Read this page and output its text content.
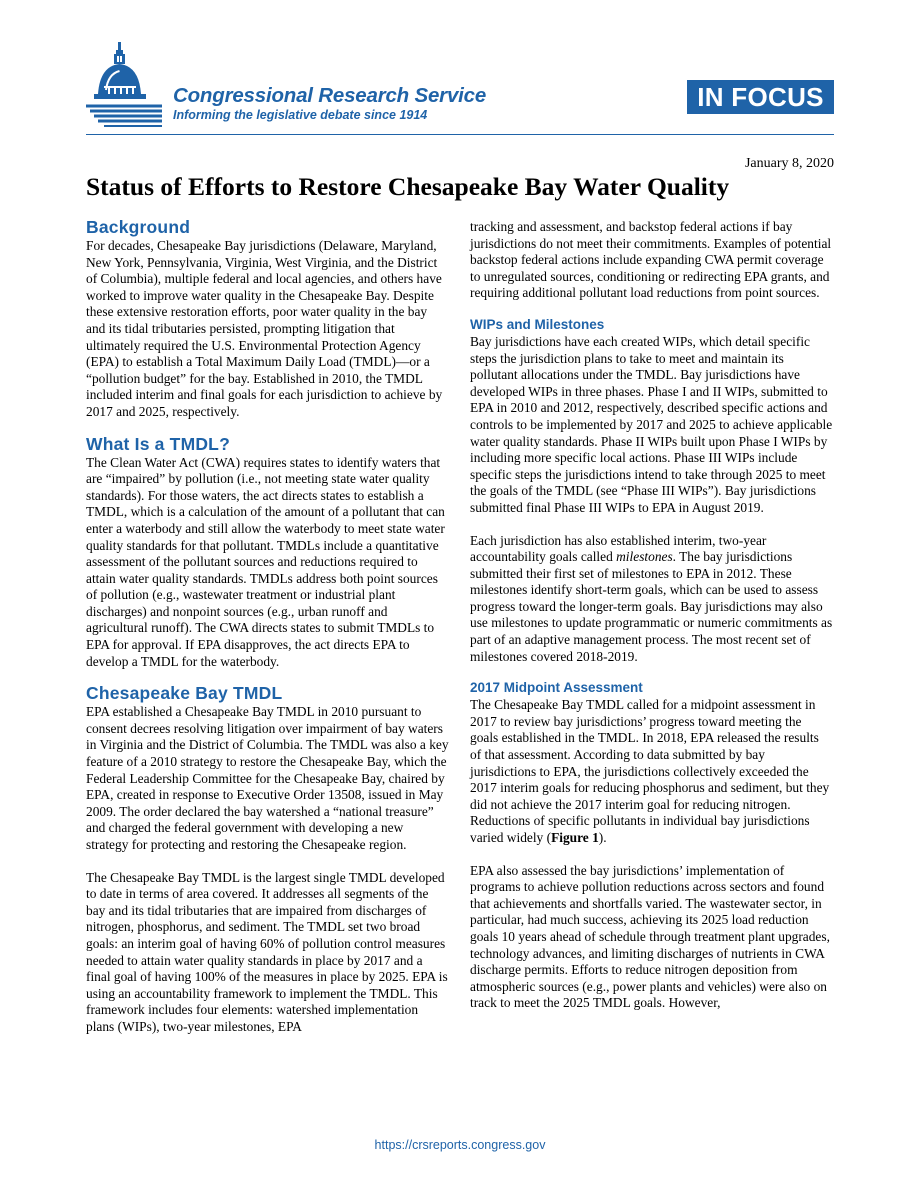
Congressional Research Service
Informing the legislative debate since 1914
IN FOCUS
January 8, 2020
Status of Efforts to Restore Chesapeake Bay Water Quality
Background

For decades, Chesapeake Bay jurisdictions (Delaware, Maryland, New York, Pennsylvania, Virginia, West Virginia, and the District of Columbia), multiple federal and local agencies, and others have worked to improve water quality in the Chesapeake Bay. Despite these extensive restoration efforts, poor water quality in the bay and its tidal tributaries persisted, prompting litigation that ultimately required the U.S. Environmental Protection Agency (EPA) to establish a Total Maximum Daily Load (TMDL)—or a “pollution budget” for the bay. Established in 2010, the TMDL included interim and final goals for each jurisdiction to achieve by 2017 and 2025, respectively.

What Is a TMDL?

The Clean Water Act (CWA) requires states to identify waters that are “impaired” by pollution (i.e., not meeting state water quality standards). For those waters, the act directs states to establish a TMDL, which is a calculation of the amount of a pollutant that can enter a waterbody and still allow the waterbody to meet state water quality standards for that pollutant. TMDLs include a quantitative assessment of the pollutant sources and reductions required to attain water quality standards. TMDLs address both point sources of pollution (e.g., wastewater treatment or industrial plant discharges) and nonpoint sources (e.g., urban runoff and agricultural runoff). The CWA directs states to submit TMDLs to EPA for approval. If EPA disapproves, the act directs EPA to develop a TMDL for the waterbody.

Chesapeake Bay TMDL

EPA established a Chesapeake Bay TMDL in 2010 pursuant to consent decrees resolving litigation over impairment of bay waters in Virginia and the District of Columbia. The TMDL was also a key feature of a 2010 strategy to restore the Chesapeake Bay, which the Federal Leadership Committee for the Chesapeake Bay, chaired by EPA, created in response to Executive Order 13508, issued in May 2009. The order declared the bay watershed a “national treasure” and charged the federal government with developing a new strategy for protecting and restoring the Chesapeake region.

The Chesapeake Bay TMDL is the largest single TMDL developed to date in terms of area covered. It addresses all segments of the bay and its tidal tributaries that are impaired from discharges of nitrogen, phosphorus, and sediment. The TMDL set two broad goals: an interim goal of having 60% of pollution control measures needed to attain water quality standards in place by 2017 and a final goal of having 100% of the measures in place by 2025. EPA is using an accountability framework to implement the TMDL. This framework includes four elements: watershed implementation plans (WIPs), two-year milestones, EPA

tracking and assessment, and backstop federal actions if bay jurisdictions do not meet their commitments. Examples of potential backstop federal actions include expanding CWA permit coverage to unregulated sources, conditioning or redirecting EPA grants, and requiring additional pollutant load reductions from point sources.

WIPs and Milestones

Bay jurisdictions have each created WIPs, which detail specific steps the jurisdiction plans to take to meet and maintain its pollutant allocations under the TMDL. Bay jurisdictions have developed WIPs in three phases. Phase I and II WIPs, submitted to EPA in 2010 and 2012, respectively, described specific actions and controls to be implemented by 2017 and 2025 to achieve applicable water quality standards. Phase II WIPs built upon Phase I WIPs by including more specific local actions. Phase III WIPs include specific steps the jurisdictions intend to take through 2025 to meet the goals of the TMDL (see “Phase III WIPs”). Bay jurisdictions submitted final Phase III WIPs to EPA in August 2019.

Each jurisdiction has also established interim, two-year accountability goals called milestones. The bay jurisdictions submitted their first set of milestones to EPA in 2012. These milestones identify short-term goals, which can be used to assess progress toward the longer-term goals. Bay jurisdictions may also use milestones to update programmatic or numeric commitments as part of an adaptive management process. The most recent set of milestones covered 2018-2019.

2017 Midpoint Assessment

The Chesapeake Bay TMDL called for a midpoint assessment in 2017 to review bay jurisdictions’ progress toward meeting the goals established in the TMDL. In 2018, EPA released the results of that assessment. According to data submitted by bay jurisdictions to EPA, the jurisdictions collectively exceeded the 2017 interim goals for reducing phosphorus and sediment, but they did not achieve the 2017 interim goal for reducing nitrogen. Reductions of specific pollutants in individual bay jurisdictions varied widely (Figure 1).

EPA also assessed the bay jurisdictions’ implementation of programs to achieve pollution reductions across sectors and found that achievements and shortfalls varied. The wastewater sector, in particular, had much success, achieving its 2025 load reduction goals 10 years ahead of schedule through treatment plant upgrades, technology advances, and limiting discharges of nutrients in CWA discharge permits. Efforts to reduce nitrogen deposition from atmospheric sources (e.g., power plants and vehicles) were also on track to meet the 2025 TMDL goals. However,

https://crsreports.congress.gov
